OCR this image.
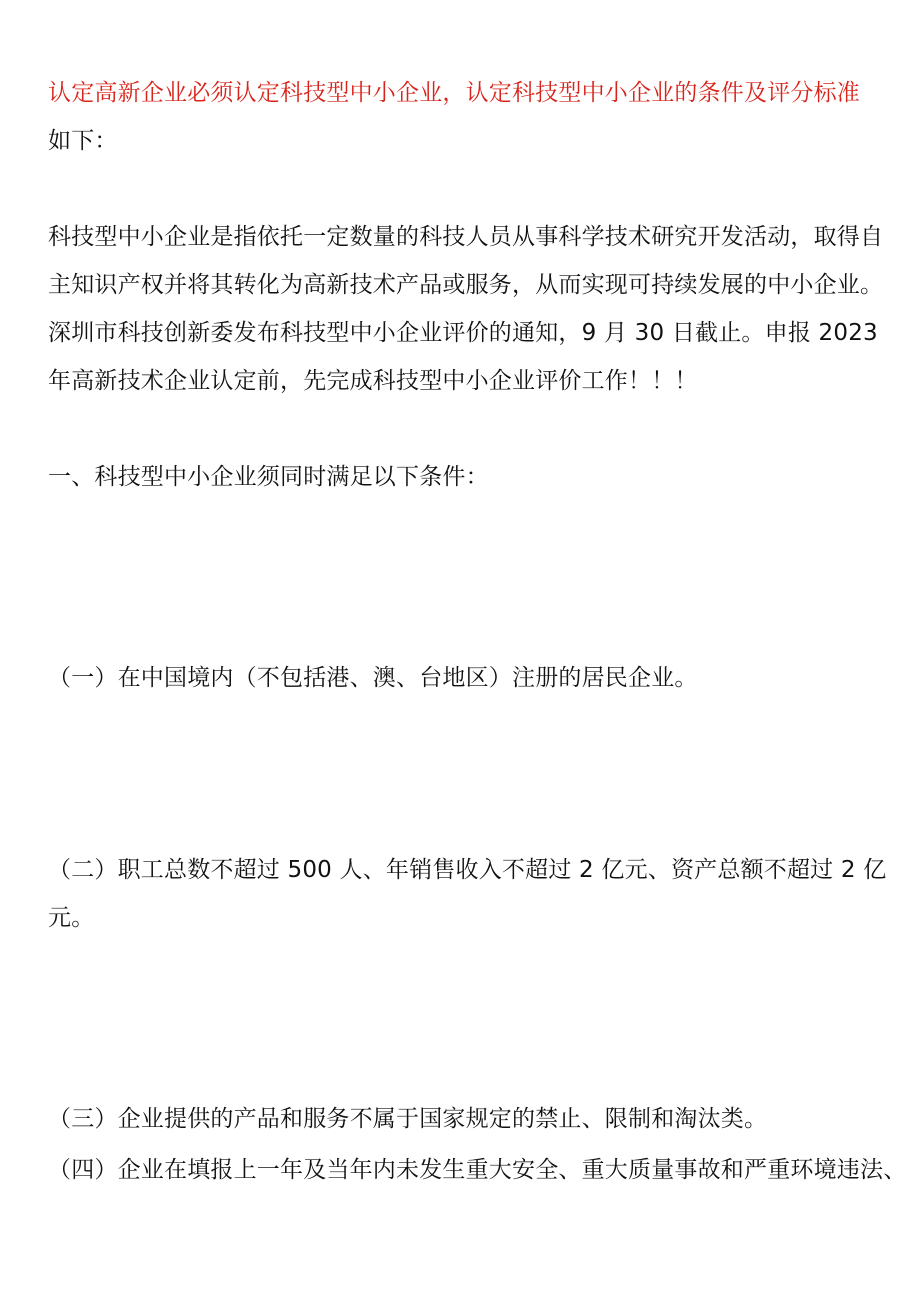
认定高新企业必须认定科技型中小企业，认定科技型中小企业的条件及评分标准
如下：
科技型中小企业是指依托一定数量的科技人员从事科学技术研究开发活动，取得自
主知识产权并将其转化为高新技术产品或服务，从而实现可持续发展的中小企业。
深圳市科技创新委发布科技型中小企业评价的通知，9 月 30 日截止。申报 2023
年高新技术企业认定前，先完成科技型中小企业评价工作！！！
一、科技型中小企业须同时满足以下条件：
（一）在中国境内（不包括港、澳、台地区）注册的居民企业。
（二）职工总数不超过 500 人、年销售收入不超过 2 亿元、资产总额不超过 2 亿
元。
（三）企业提供的产品和服务不属于国家规定的禁止、限制和淘汰类。
（四）企业在填报上一年及当年内未发生重大安全、重大质量事故和严重环境违法、
